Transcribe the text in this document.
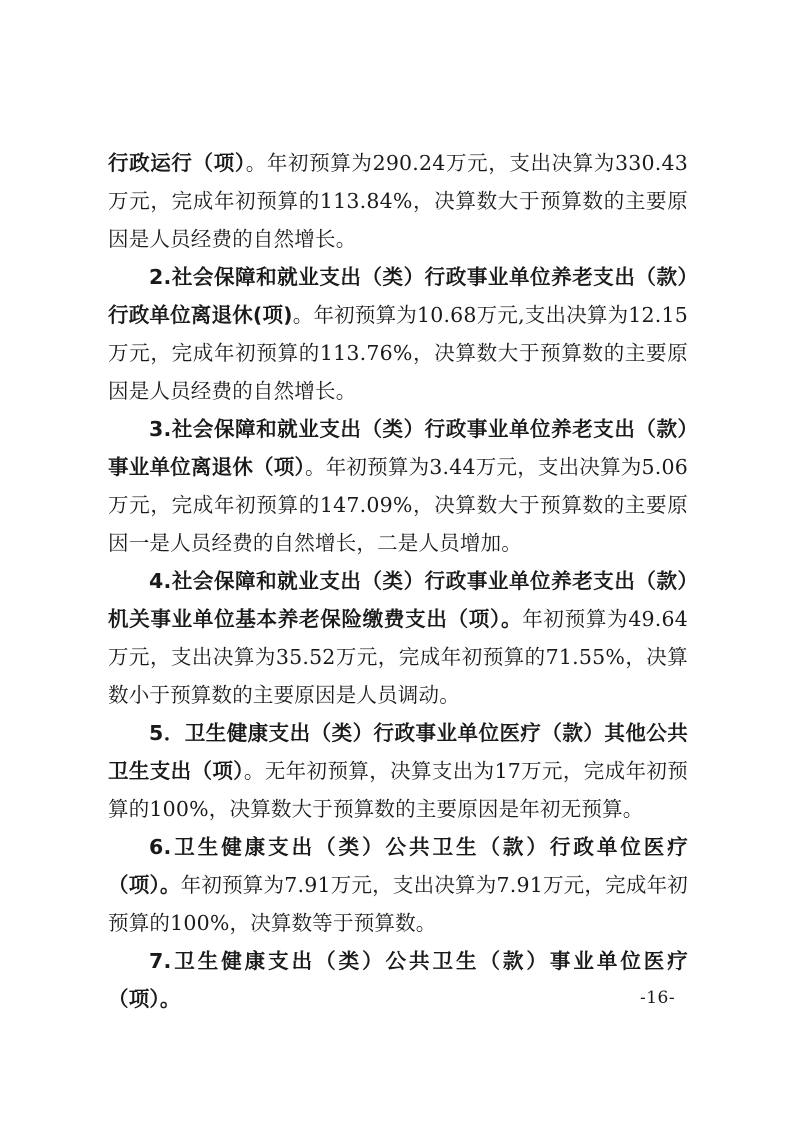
行政运行（项）。年初预算为290.24万元，支出决算为330.43万元，完成年初预算的113.84%，决算数大于预算数的主要原因是人员经费的自然增长。

2.社会保障和就业支出（类）行政事业单位养老支出（款）行政单位离退休(项)。年初预算为10.68万元,支出决算为12.15万元，完成年初预算的113.76%，决算数大于预算数的主要原因是人员经费的自然增长。

3.社会保障和就业支出（类）行政事业单位养老支出（款）事业单位离退休（项）。年初预算为3.44万元，支出决算为5.06万元，完成年初预算的147.09%，决算数大于预算数的主要原因一是人员经费的自然增长，二是人员增加。

4.社会保障和就业支出（类）行政事业单位养老支出（款）机关事业单位基本养老保险缴费支出（项）。年初预算为49.64万元，支出决算为35.52万元，完成年初预算的71.55%，决算数小于预算数的主要原因是人员调动。

5．卫生健康支出（类）行政事业单位医疗（款）其他公共卫生支出（项）。无年初预算，决算支出为17万元，完成年初预算的100%，决算数大于预算数的主要原因是年初无预算。

6.卫生健康支出（类）公共卫生（款）行政单位医疗（项）。年初预算为7.91万元，支出决算为7.91万元，完成年初预算的100%，决算数等于预算数。

7.卫生健康支出（类）公共卫生（款）事业单位医疗（项）。	-16-
